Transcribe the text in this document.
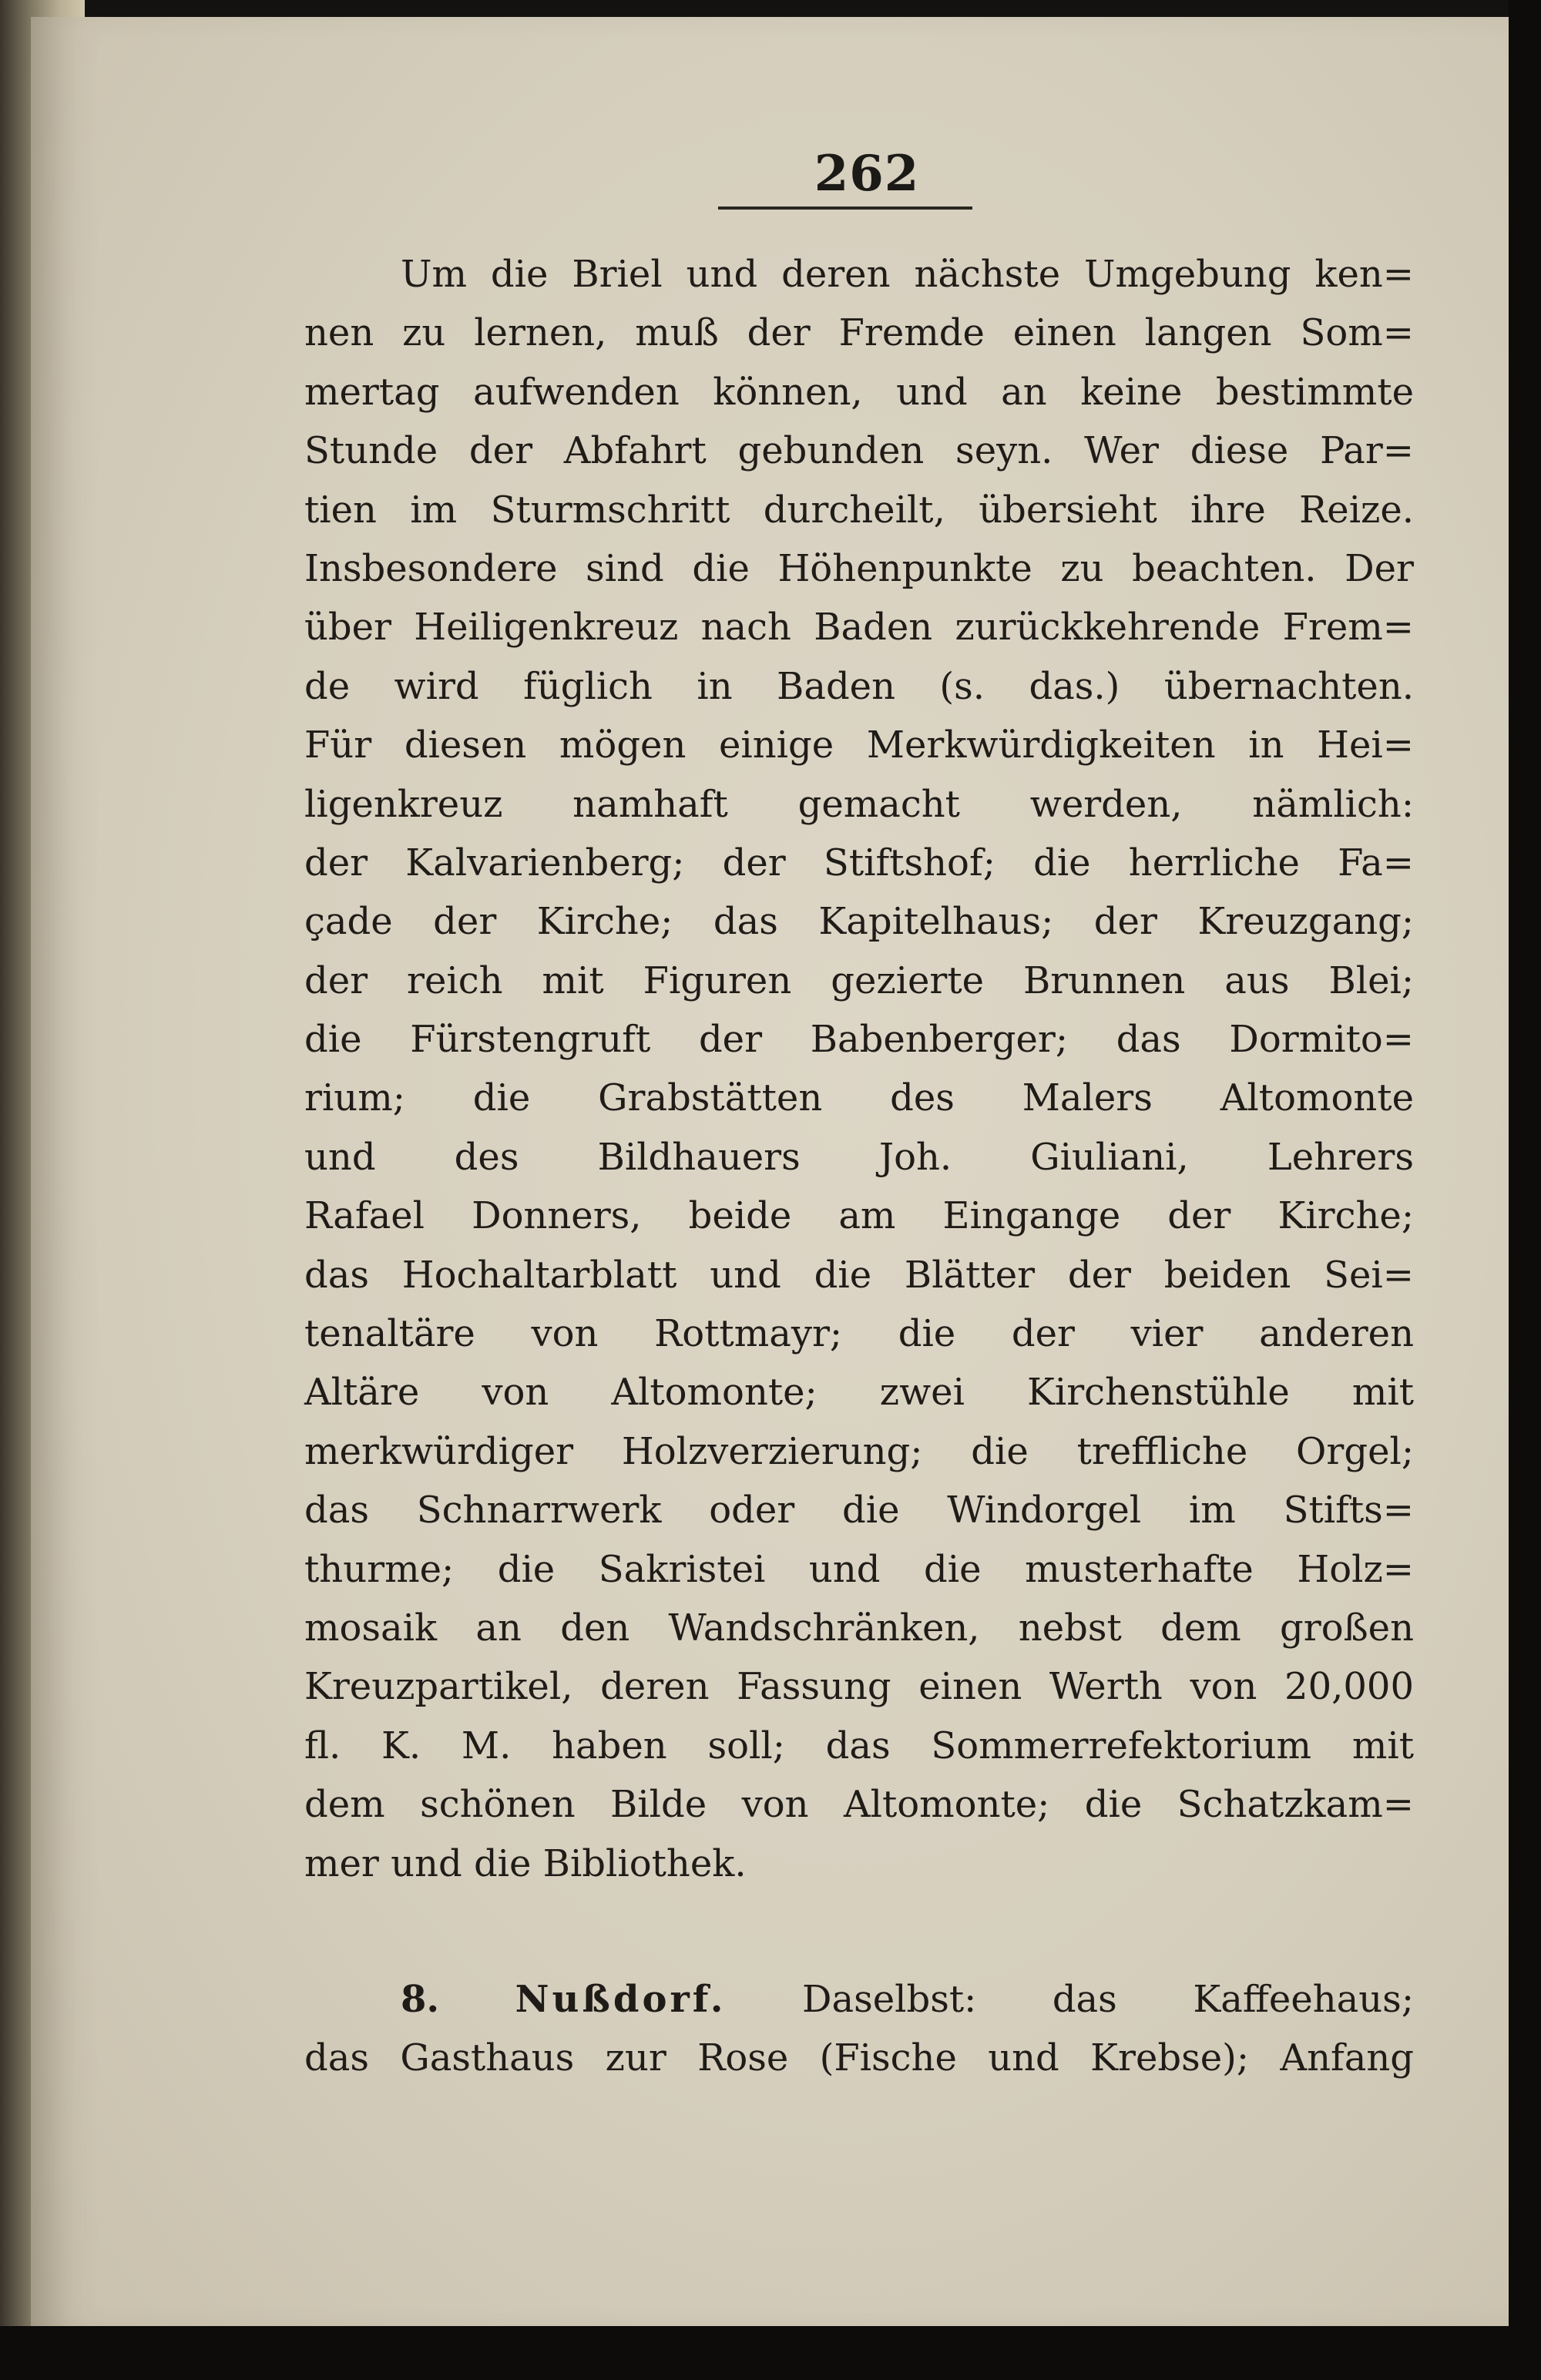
262
Um die Briel und deren nächste Umgebung ken=
nen zu lernen, muß der Fremde einen langen Som=
mertag aufwenden können, und an keine bestimmte
Stunde der Abfahrt gebunden seyn. Wer diese Par=
tien im Sturmschritt durcheilt, übersieht ihre Reize.
Insbesondere sind die Höhenpunkte zu beachten. Der
über Heiligenkreuz nach Baden zurückkehrende Frem=
de wird füglich in Baden (s. das.) übernachten.
Für diesen mögen einige Merkwürdigkeiten in Hei=
ligenkreuz namhaft gemacht werden, nämlich:
der Kalvarienberg; der Stiftshof; die herrliche Fa=
çade der Kirche; das Kapitelhaus; der Kreuzgang;
der reich mit Figuren gezierte Brunnen aus Blei;
die Fürstengruft der Babenberger; das Dormito=
rium; die Grabstätten des Malers Altomonte
und des Bildhauers Joh. Giuliani, Lehrers
Rafael Donners, beide am Eingange der Kirche;
das Hochaltarblatt und die Blätter der beiden Sei=
tenaltäre von Rottmayr; die der vier anderen
Altäre von Altomonte; zwei Kirchenstühle mit
merkwürdiger Holzverzierung; die treffliche Orgel;
das Schnarrwerk oder die Windorgel im Stifts=
thurme; die Sakristei und die musterhafte Holz=
mosaik an den Wandschränken, nebst dem großen
Kreuzpartikel, deren Fassung einen Werth von 20,000
fl. K. M. haben soll; das Sommerrefektorium mit
dem schönen Bilde von Altomonte; die Schatzkam=
mer und die Bibliothek.
8. Nußdorf. Daselbst: das Kaffeehaus;
das Gasthaus zur Rose (Fische und Krebse); Anfang
